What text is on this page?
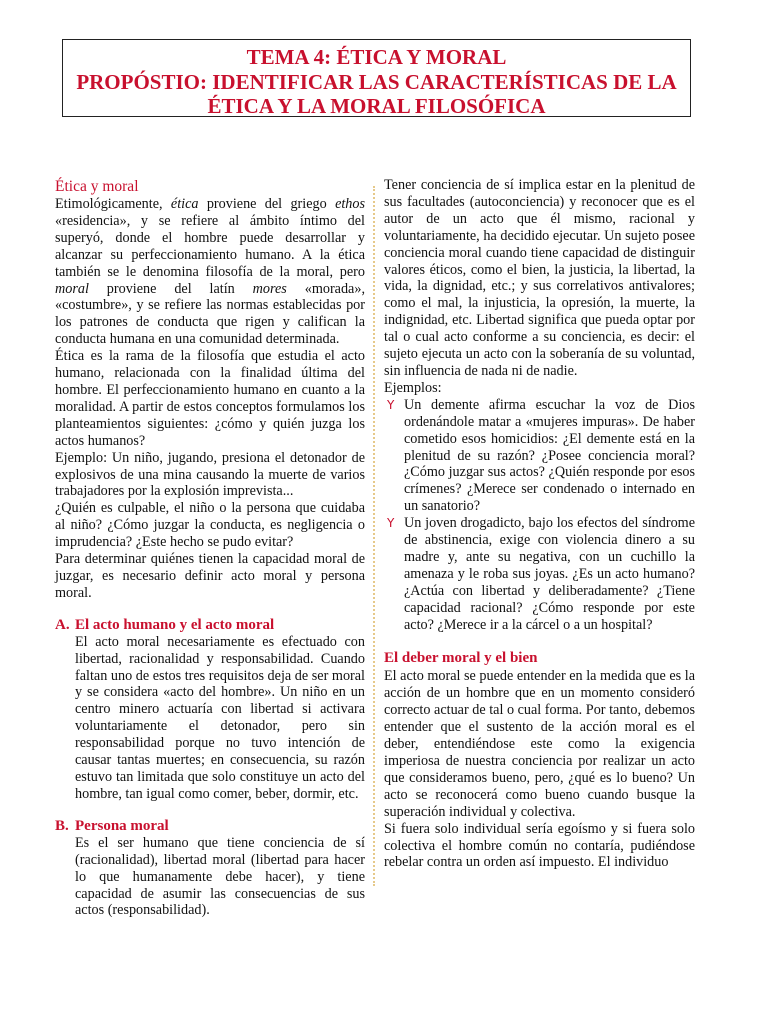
TEMA 4: ÉTICA Y MORAL
PROPÓSTIO: IDENTIFICAR LAS CARACTERÍSTICAS DE LA
ÉTICA Y LA MORAL FILOSÓFICA
Ética y moral

Etimológicamente, ética proviene del griego ethos «residencia», y se refiere al ámbito íntimo del superyó, donde el hombre puede desarrollar y alcanzar su perfeccionamiento humano. A la ética también se le denomina filosofía de la moral, pero moral proviene del latín mores «morada», «costumbre», y se refiere las normas establecidas por los patrones de conducta que rigen y califican la conducta humana en una comunidad determinada.

Ética es la rama de la filosofía que estudia el acto humano, relacionada con la finalidad última del hombre. El perfeccionamiento humano en cuanto a la moralidad. A partir de estos conceptos formulamos los planteamientos siguientes: ¿cómo y quién juzga los actos humanos?

Ejemplo: Un niño, jugando, presiona el detonador de explosivos de una mina causando la muerte de varios trabajadores por la explosión imprevista...

¿Quién es culpable, el niño o la persona que cuidaba al niño? ¿Cómo juzgar la conducta, es negligencia o imprudencia? ¿Este hecho se pudo evitar?

Para determinar quiénes tienen la capacidad moral de juzgar, es necesario definir acto moral y persona moral.

A. El acto humano y el acto moral

El acto moral necesariamente es efectuado con libertad, racionalidad y responsabilidad. Cuando faltan uno de estos tres requisitos deja de ser moral y se considera «acto del hombre». Un niño en un centro minero actuaría con libertad si activara voluntariamente el detonador, pero sin responsabilidad porque no tuvo intención de causar tantas muertes; en consecuencia, su razón estuvo tan limitada que solo constituye un acto del hombre, tan igual como comer, beber, dormir, etc.

B. Persona moral

Es el ser humano que tiene conciencia de sí (racionalidad), libertad moral (libertad para hacer lo que humanamente debe hacer), y tiene capacidad de asumir las consecuencias de sus actos (responsabilidad).

Tener conciencia de sí implica estar en la plenitud de sus facultades (autoconciencia) y reconocer que es el autor de un acto que él mismo, racional y voluntariamente, ha decidido ejecutar. Un sujeto posee conciencia moral cuando tiene capacidad de distinguir valores éticos, como el bien, la justicia, la libertad, la vida, la dignidad, etc.; y sus correlativos antivalores; como el mal, la injusticia, la opresión, la muerte, la indignidad, etc. Libertad significa que pueda optar por tal o cual acto conforme a su conciencia, es decir: el sujeto ejecuta un acto con la soberanía de su voluntad, sin influencia de nada ni de nadie.

Ejemplos:

Y Un demente afirma escuchar la voz de Dios ordenándole matar a «mujeres impuras». De haber cometido esos homicidios: ¿El demente está en la plenitud de su razón? ¿Posee conciencia moral? ¿Cómo juzgar sus actos? ¿Quién responde por esos crímenes? ¿Merece ser condenado o internado en un sanatorio?

Y Un joven drogadicto, bajo los efectos del síndrome de abstinencia, exige con violencia dinero a su madre y, ante su negativa, con un cuchillo la amenaza y le roba sus joyas. ¿Es un acto humano? ¿Actúa con libertad y deliberadamente? ¿Tiene capacidad racional? ¿Cómo responde por este acto? ¿Merece ir a la cárcel o a un hospital?

El deber moral y el bien

El acto moral se puede entender en la medida que es la acción de un hombre que en un momento consideró correcto actuar de tal o cual forma. Por tanto, debemos entender que el sustento de la acción moral es el deber, entendiéndose este como la exigencia imperiosa de nuestra conciencia por realizar un acto que consideramos bueno, pero, ¿qué es lo bueno? Un acto se reconocerá como bueno cuando busque la superación individual y colectiva.

Si fuera solo individual sería egoísmo y si fuera solo colectiva el hombre común no contaría, pudiéndose rebelar contra un orden así impuesto. El individuo
